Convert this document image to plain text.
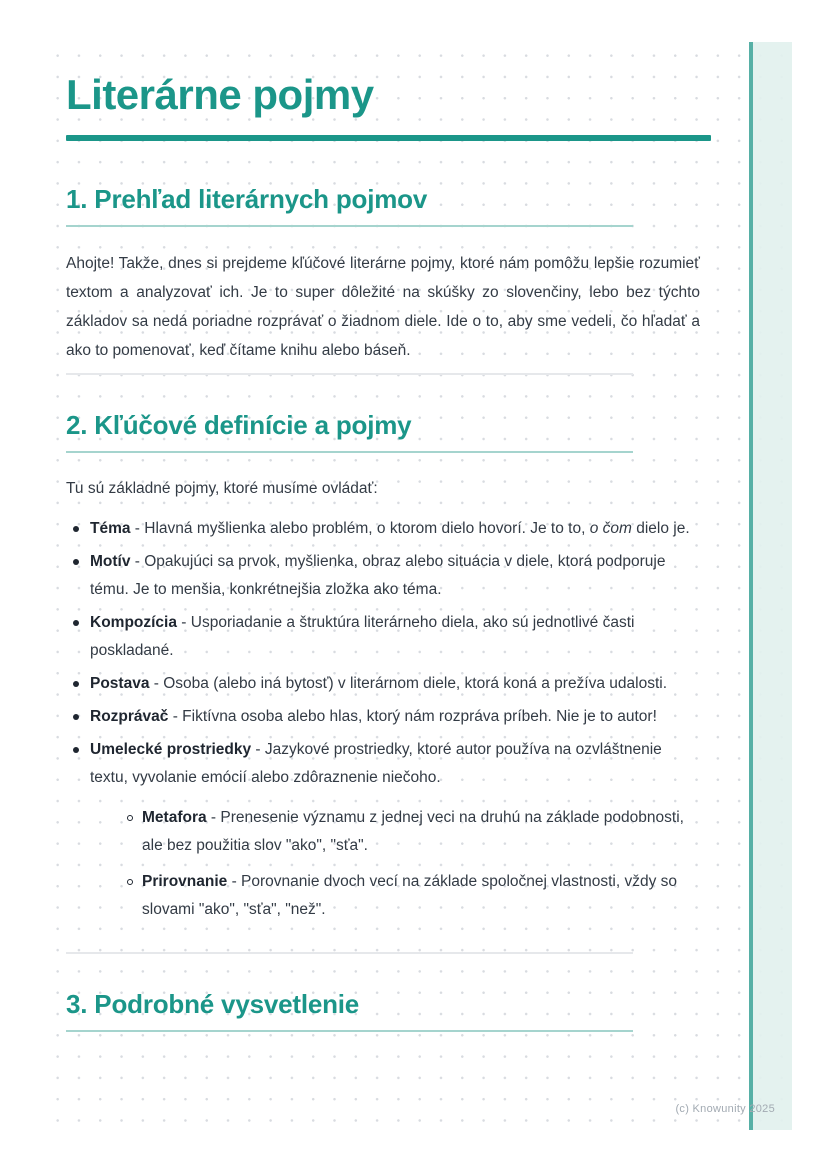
Literárne pojmy
1. Prehľad literárnych pojmov

Ahojte! Takže, dnes si prejdeme kľúčové literárne pojmy, ktoré nám pomôžu lepšie rozumieť textom a analyzovať ich. Je to super dôležité na skúšky zo slovenčiny, lebo bez týchto základov sa nedá poriadne rozprávať o žiadnom diele. Ide o to, aby sme vedeli, čo hľadať a ako to pomenovať, keď čítame knihu alebo báseň.

2. Kľúčové definície a pojmy

Tu sú základné pojmy, ktoré musíme ovládať:

Téma - Hlavná myšlienka alebo problém, o ktorom dielo hovorí. Je to to, o čom dielo je.
Motív - Opakujúci sa prvok, myšlienka, obraz alebo situácia v diele, ktorá podporuje tému. Je to menšia, konkrétnejšia zložka ako téma.
Kompozícia - Usporiadanie a štruktúra literárneho diela, ako sú jednotlivé časti poskladané.
Postava - Osoba (alebo iná bytosť) v literárnom diele, ktorá koná a prežíva udalosti.
Rozprávač - Fiktívna osoba alebo hlas, ktorý nám rozpráva príbeh. Nie je to autor!
Umelecké prostriedky - Jazykové prostriedky, ktoré autor používa na ozvláštnenie textu, vyvolanie emócií alebo zdôraznenie niečoho.
Metafora - Prenesenie významu z jednej veci na druhú na základe podobnosti, ale bez použitia slov "ako", "sťa".
Prirovnanie - Porovnanie dvoch vecí na základe spoločnej vlastnosti, vždy so slovami "ako", "sťa", "než".
3. Podrobné vysvetlenie
(c) Knowunity 2025
